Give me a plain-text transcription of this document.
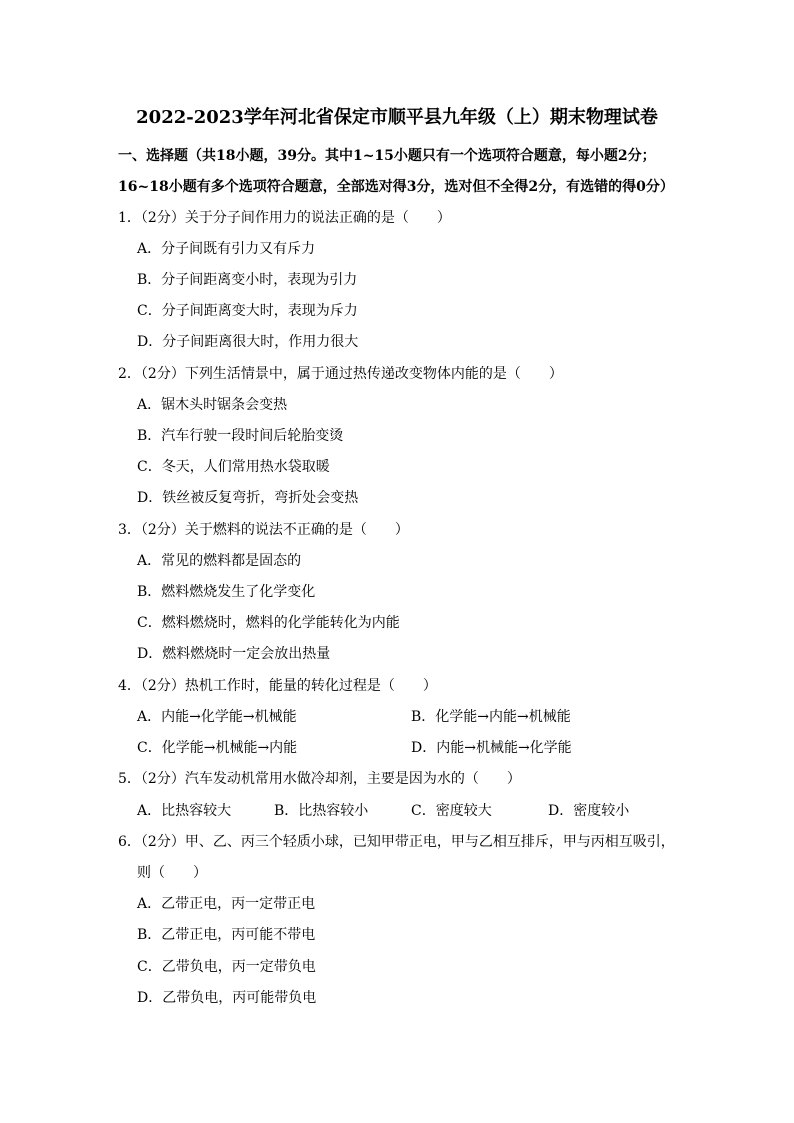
2022-2023学年河北省保定市顺平县九年级（上）期末物理试卷
一、选择题（共18小题，39分。其中1~15小题只有一个选项符合题意，每小题2分；
16~18小题有多个选项符合题意，全部选对得3分，选对但不全得2分，有选错的得0分）
1．（2分）关于分子间作用力的说法正确的是（　　）
A．分子间既有引力又有斥力
B．分子间距离变小时，表现为引力
C．分子间距离变大时，表现为斥力
D．分子间距离很大时，作用力很大
2．（2分）下列生活情景中，属于通过热传递改变物体内能的是（　　）
A．锯木头时锯条会变热
B．汽车行驶一段时间后轮胎变烫
C．冬天，人们常用热水袋取暖
D．铁丝被反复弯折，弯折处会变热
3．（2分）关于燃料的说法不正确的是（　　）
A．常见的燃料都是固态的
B．燃料燃烧发生了化学变化
C．燃料燃烧时，燃料的化学能转化为内能
D．燃料燃烧时一定会放出热量
4．（2分）热机工作时，能量的转化过程是（　　）
A．内能→化学能→机械能	B．化学能→内能→机械能
C．化学能→机械能→内能	D．内能→机械能→化学能
5．（2分）汽车发动机常用水做冷却剂，主要是因为水的（　　）
A．比热容较大	B．比热容较小	C．密度较大	D．密度较小
6．（2分）甲、乙、丙三个轻质小球，已知甲带正电，甲与乙相互排斥，甲与丙相互吸引，
则（　　）
A．乙带正电，丙一定带正电
B．乙带正电，丙可能不带电
C．乙带负电，丙一定带负电
D．乙带负电，丙可能带负电
